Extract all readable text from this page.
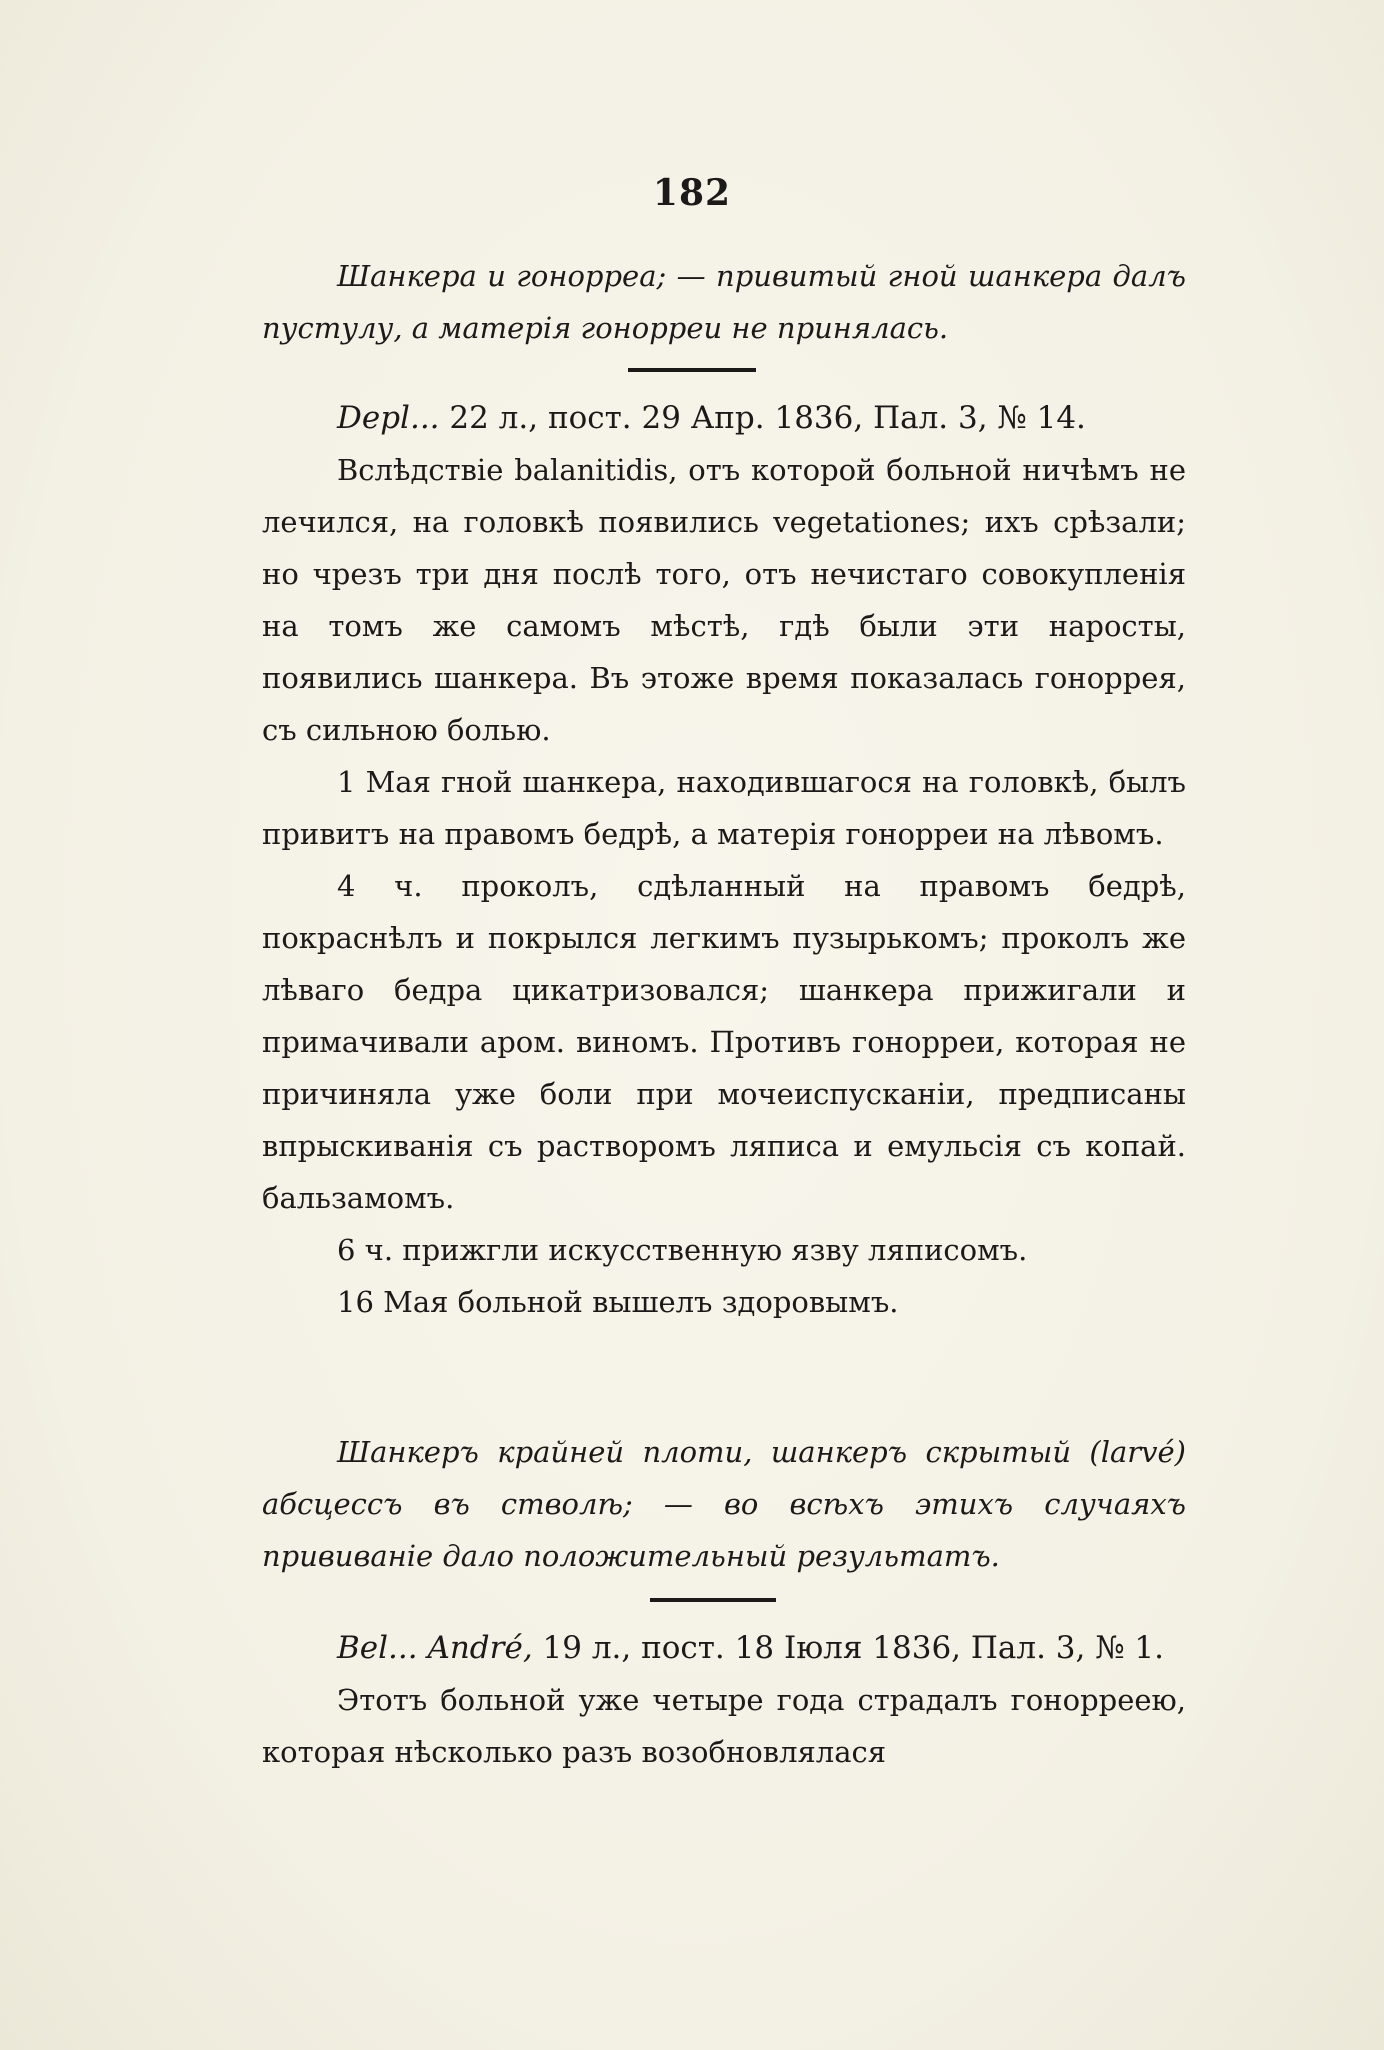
182

Шанкера и гонорреа; — привитый гной шанкера далъ пустулу, а матерія гонорреи не принялась.

Depl... 22 л., пост. 29 Апр. 1836, Пал. 3, № 14.

Вслѣдствіе balanitidis, отъ которой больной ничѣмъ не лечился, на головкѣ появились vegetationes; ихъ срѣзали; но чрезъ три дня послѣ того, отъ нечистаго совокупленія на томъ же самомъ мѣстѣ, гдѣ были эти наросты, появились шанкера. Въ этоже время показалась гоноррея, съ сильною болью.

1 Мая гной шанкера, находившагося на головкѣ, былъ привитъ на правомъ бедрѣ, а матерія гонорреи на лѣвомъ.

4 ч. проколъ, сдѣланный на правомъ бедрѣ, покраснѣлъ и покрылся легкимъ пузырькомъ; проколъ же лѣваго бедра цикатризовался; шанкера прижигали и примачивали аром. виномъ. Противъ гонорреи, которая не причиняла уже боли при мочеиспусканіи, предписаны впрыскиванія съ растворомъ ляписа и емульсія съ копай. бальзамомъ.

6 ч. прижгли искусственную язву ляписомъ.

16 Мая больной вышелъ здоровымъ.

Шанкеръ крайней плоти, шанкеръ скрытый (larvé) абсцессъ въ стволѣ; — во всѣхъ этихъ случаяхъ прививаніе дало положительный результатъ.

Bel... André, 19 л., пост. 18 Іюля 1836, Пал. 3, № 1.

Этотъ больной уже четыре года страдалъ гонорреею, которая нѣсколько разъ возобновлялася
